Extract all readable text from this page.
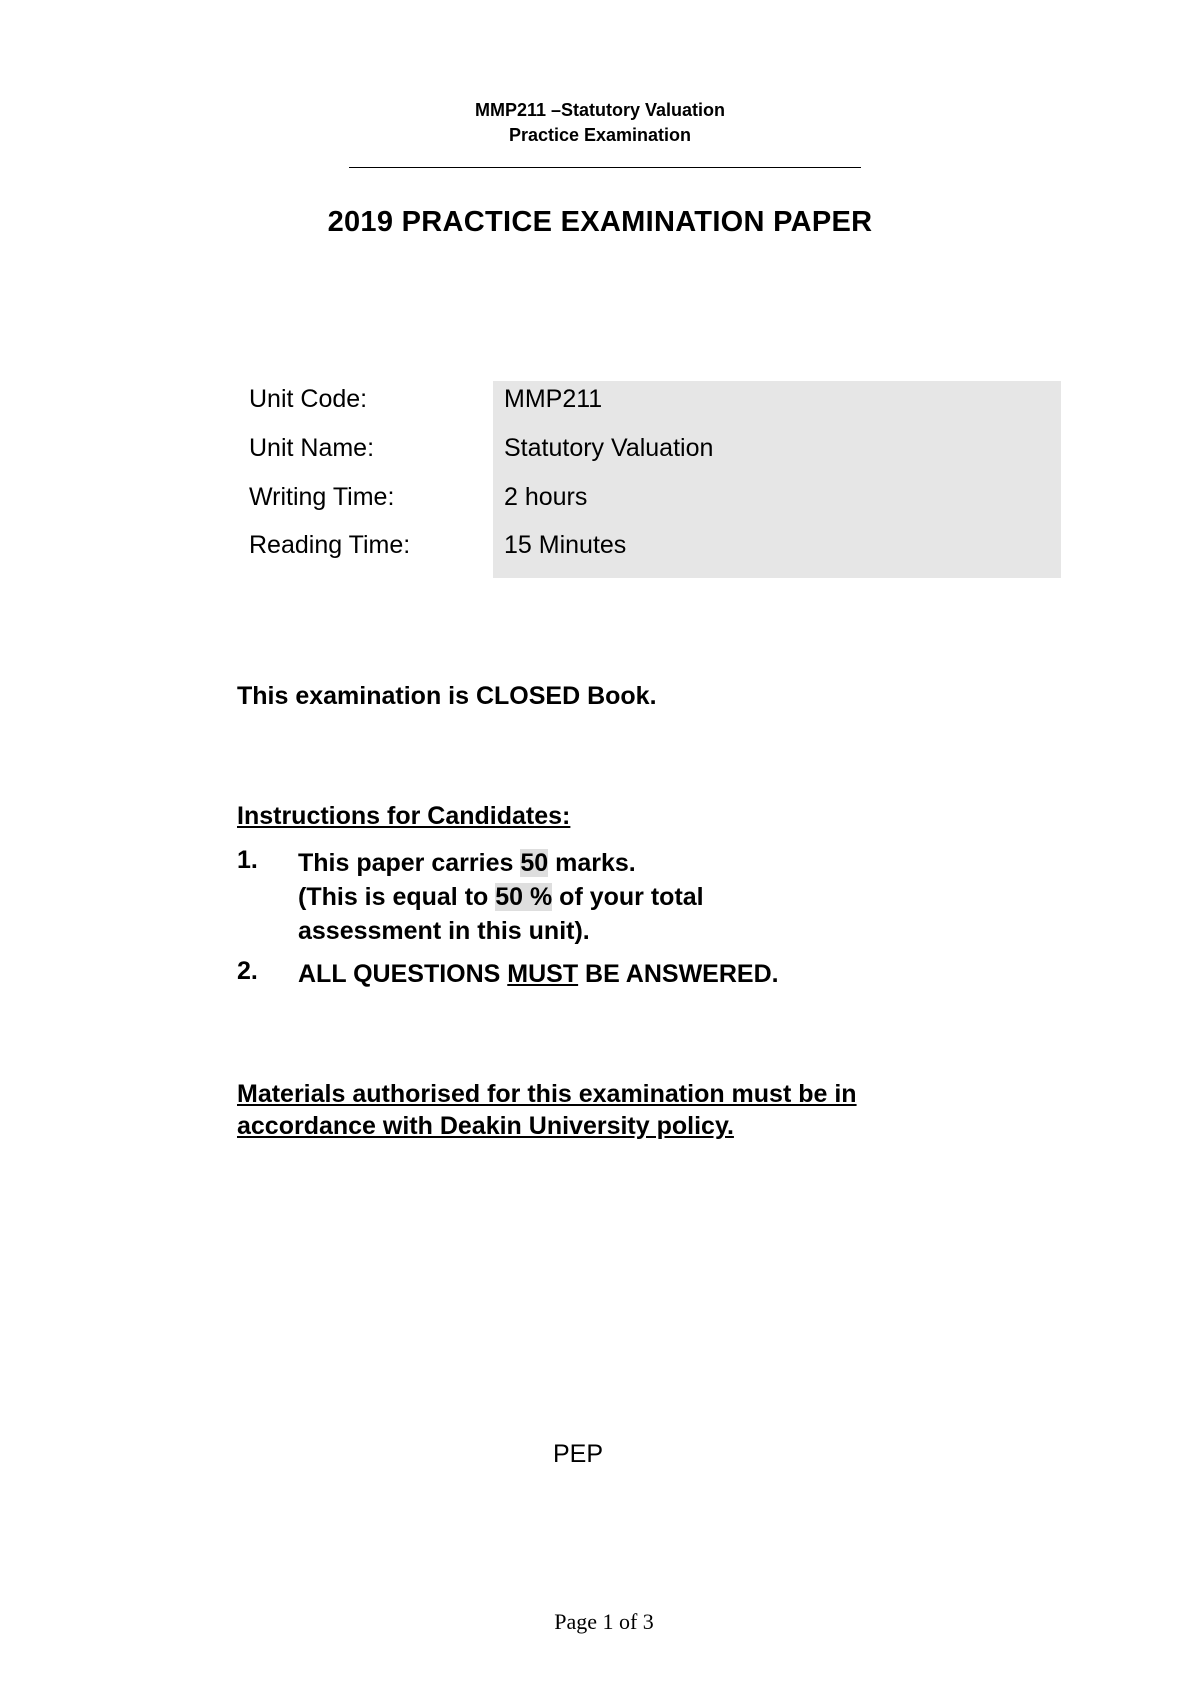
MMP211 –Statutory Valuation
Practice Examination
2019 PRACTICE EXAMINATION PAPER
Unit Code:	MMP211
Unit Name:	Statutory Valuation
Writing Time:	2 hours
Reading Time:	15 Minutes
This examination is CLOSED Book.
Instructions for Candidates:
1. This paper carries 50 marks.
(This is equal to 50 % of your total
assessment in this unit).
2. ALL QUESTIONS MUST BE ANSWERED.
Materials authorised for this examination must be in
accordance with Deakin University policy.
PEP
Page 1 of 3
